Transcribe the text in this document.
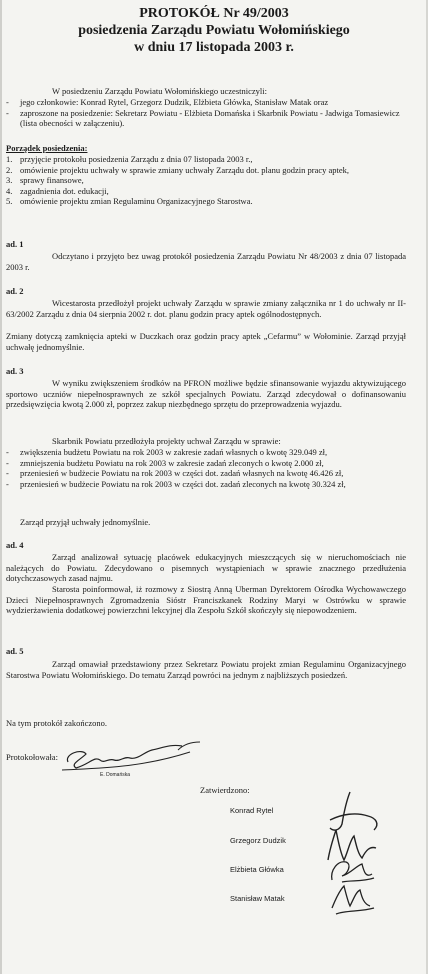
PROTOKÓŁ Nr 49/2003
posiedzenia Zarządu Powiatu Wołomińskiego
w dniu 17 listopada 2003 r.

W posiedzeniu Zarządu Powiatu Wołomińskiego uczestniczyli:

- jego członkowie: Konrad Rytel, Grzegorz Dudzik, Elżbieta Główka, Stanisław Matak oraz
- zaproszone na posiedzenie: Sekretarz Powiatu - Elżbieta Domańska i Skarbnik Powiatu - Jadwiga Tomasiewicz (lista obecności w załączeniu).

Porządek posiedzenia:

1. przyjęcie protokołu posiedzenia Zarządu z dnia 07 listopada 2003 r.,
2. omówienie projektu uchwały w sprawie zmiany uchwały Zarządu dot. planu godzin pracy aptek,
3. sprawy finansowe,
4. zagadnienia dot. edukacji,
5. omówienie projektu zmian Regulaminu Organizacyjnego Starostwa.

ad. 1

Odczytano i przyjęto bez uwag protokół posiedzenia Zarządu Powiatu Nr 48/2003 z dnia 07 listopada 2003 r.

ad. 2

Wicestarosta przedłożył projekt uchwały Zarządu w sprawie zmiany załącznika nr 1 do uchwały nr II-63/2002 Zarządu z dnia 04 sierpnia 2002 r. dot. planu godzin pracy aptek ogólnodostępnych.

Zmiany dotyczą zamknięcia apteki w Duczkach oraz godzin pracy aptek „Cefarmu” w Wołominie. Zarząd przyjął uchwałę jednomyślnie.

ad. 3

W wyniku zwiększeniem środków na PFRON możliwe będzie sfinansowanie wyjazdu aktywizującego sportowo uczniów niepełnosprawnych ze szkół specjalnych Powiatu. Zarząd zdecydował o dofinansowaniu przedsięwzięcia kwotą 2.000 zł, poprzez zakup niezbędnego sprzętu do przeprowadzenia wyjazdu.

Skarbnik Powiatu przedłożyła projekty uchwał Zarządu w sprawie:

- zwiększenia budżetu Powiatu na rok 2003 w zakresie zadań własnych o kwotę 329.049 zł,
- zmniejszenia budżetu Powiatu na rok 2003 w zakresie zadań zleconych o kwotę 2.000 zł,
- przeniesień w budżecie Powiatu na rok 2003 w części dot. zadań własnych na kwotę 46.426 zł,
- przeniesień w budżecie Powiatu na rok 2003 w części dot. zadań zleconych na kwotę 30.324 zł,

Zarząd przyjął uchwały jednomyślnie.

ad. 4

Zarząd analizował sytuację placówek edukacyjnych mieszczących się w nieruchomościach nie należących do Powiatu. Zdecydowano o pisemnych wystąpieniach w sprawie znacznego przedłużenia dotychczasowych zasad najmu.

Starosta poinformował, iż rozmowy z Siostrą Anną Uberman Dyrektorem Ośrodka Wychowawczego Dzieci Niepełnosprawnych Zgromadzenia Sióstr Franciszkanek Rodziny Maryi w Ostrówku w sprawie wydzierżawienia dodatkowej powierzchni lekcyjnej dla Zespołu Szkół skończyły się niepowodzeniem.

ad. 5

Zarząd omawiał przedstawiony przez Sekretarz Powiatu projekt zmian Regulaminu Organizacyjnego Starostwa Powiatu Wołomińskiego. Do tematu Zarząd powróci na jednym z najbliższych posiedzeń.

Na tym protokół zakończono.

Protokołowała:

E. Domańska

Zatwierdzono:

Konrad Rytel
Grzegorz Dudzik
Elżbieta Główka
Stanisław Matak
